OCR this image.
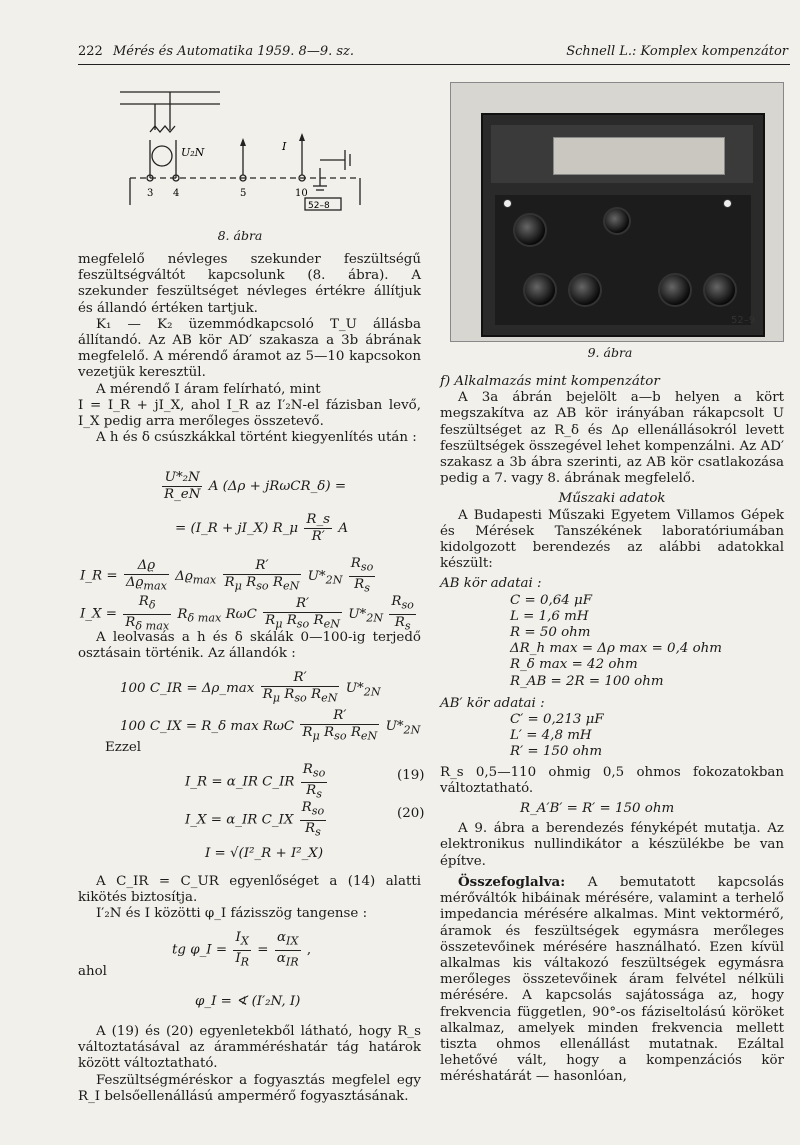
222 Mérés és Automatika 1959. 8—9. sz.	Schnell L.: Komplex kompenzátor
U₂N	I
3 4	5	10
52–8
8. ábra

megfelelő névleges szekunder feszültségű feszültségváltót kapcsolunk (8. ábra). A szekunder feszültséget névleges értékre állítjuk és állandó értéken tartjuk.

K₁ — K₂ üzemmódkapcsoló T_U állásba állítandó. Az AB kör AD′ szakasza a 3b ábrának megfelelő. A mérendő áramot az 5—10 kapcsokon vezetjük keresztül.

A mérendő I áram felírható, mint

I = I_R + jI_X, ahol I_R az I′₂N-el fázisban levő, I_X pedig arra merőleges összetevő.

A h és δ csúszkákkal történt kiegyenlítés után :

$\frac{\text{U*₂N}}{R\_eN}$ A (Δρ + jRωCR_δ) =
= (I_R + jI_X) R_μ $\frac{R\_s}{R'}$ A
I_R = $\frac{\Delta ϱ}{\Delta ϱ_{max}} \Delta ϱ_{max} \frac{R'}{R_\mu R_{so} R_{eN}} U*_{2N} \frac{R_{so}}{R_s}$
I_X = $\frac{R_\delta}{R_{\delta max}} R_{\delta max}$ RωC $\frac{R'}{R_\mu R_{so} R_{eN}} U*_{2N} \frac{R_{so}}{R_s}$

A leolvasás a h és δ skálák 0—100-ig terjedő osztásain történik. Az állandók :

100 C_IR = Δρ_max $\frac{R'}{R_\mu R_{so} R_{eN}} U*_{2N}$
100 C_IX = R_δ max RωC $\frac{R'}{R_\mu R_{so} R_{eN}} U*_{2N}$
Ezzel
I_R = α_IR C_IR $\frac{R_{so}}{R_s}$	(19)
I_X = α_IR C_IX $\frac{R_{so}}{R_s}$	(20)
I = √(I²_R + I²_X)

A C_IR = C_UR egyenlőséget a (14) alatti kikötés biztosítja.

I′₂N és I közötti φ_I fázisszög tangense :

tg φ_I = $\frac{I_X}{I_R} = \frac{\alpha_{IX}}{\alpha_{IR}}$ ,
ahol
φ_I = ∢ (I′₂N, I)

A (19) és (20) egyenletekből látható, hogy R_s változtatásával az áramméréshatár tág határok között változtatható.

Feszültségméréskor a fogyasztás megfelel egy R_I belsőellenállású ampermérő fogyasztásának.

52–9
9. ábra

f) Alkalmazás mint kompenzátor

A 3a ábrán bejelölt a—b helyen a kört megszakítva az AB kör irányában rákapcsolt U feszültséget az R_δ és Δρ ellenállásokról levett feszültségek összegével lehet kompenzálni. Az AD′ szakasz a 3b ábra szerinti, az AB kör csatlakozása pedig a 7. vagy 8. ábrának megfelelő.

Műszaki adatok

A Budapesti Műszaki Egyetem Villamos Gépek és Mérések Tanszékének laboratóriumában kidolgozott berendezés az alábbi adatokkal készült:

AB kör adatai :

C = 0,64 μF
L = 1,6 mH
R = 50 ohm
ΔR_h max = Δρ max = 0,4 ohm
R_δ max = 42 ohm
R_AB = 2R = 100 ohm

AB′ kör adatai :

C′ = 0,213 μF
L′ = 4,8 mH
R′ = 150 ohm

R_s 0,5—110 ohmig 0,5 ohmos fokozatokban változtatható.

R_A′B′ = R′ = 150 ohm

A 9. ábra a berendezés fényképét mutatja. Az elektronikus nullindikátor a készülékbe be van építve.

Összefoglalva: A bemutatott kapcsolás mérőváltók hibáinak mérésére, valamint a terhelő impedancia mérésére alkalmas. Mint vektormérő, áramok és feszültségek egymásra merőleges összetevőinek mérésére használható. Ezen kívül alkalmas kis váltakozó feszültségek egymásra merőleges összetevőinek áram felvétel nélküli mérésére. A kapcsolás sajátossága az, hogy frekvencia független, 90°-os fáziseltolású köröket alkalmaz, amelyek minden frekvencia mellett tiszta ohmos ellenállást mutatnak. Ezáltal lehetővé vált, hogy a kompenzációs kör méréshatárát — hasonlóan,
